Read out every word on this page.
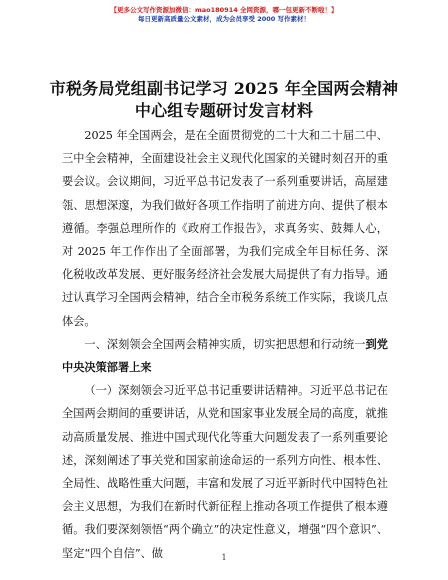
【更多公文写作资源加微信：mao180914 全网资源，哪一包更新不断啦！】
每日更新高质量公文素材，成为会员享受 2000 写作素材！
市税务局党组副书记学习 2025 年全国两会精神
中心组专题研讨发言材料

2025 年全国两会，是在全面贯彻党的二十大和二十届二中、三中全会精神，全面建设社会主义现代化国家的关键时刻召开的重要会议。会议期间，习近平总书记发表了一系列重要讲话，高屋建瓴、思想深邃，为我们做好各项工作指明了前进方向、提供了根本遵循。李强总理所作的《政府工作报告》，求真务实、鼓舞人心，对 2025 年工作作出了全面部署，为我们完成全年目标任务、深化税收改革发展、更好服务经济社会发展大局提供了有力指导。通过认真学习全国两会精神，结合全市税务系统工作实际，我谈几点体会。

一、深刻领会全国两会精神实质，切实把思想和行动统一到党中央决策部署上来

（一）深刻领会习近平总书记重要讲话精神。习近平总书记在全国两会期间的重要讲话，从党和国家事业发展全局的高度，就推动高质量发展、推进中国式现代化等重大问题发表了一系列重要论述，深刻阐述了事关党和国家前途命运的一系列方向性、根本性、全局性、战略性重大问题，丰富和发展了习近平新时代中国特色社会主义思想，为我们在新时代新征程上推动各项工作提供了根本遵循。我们要深刻领悟“两个确立”的决定性意义，增强“四个意识”、坚定“四个自信”、做	1
